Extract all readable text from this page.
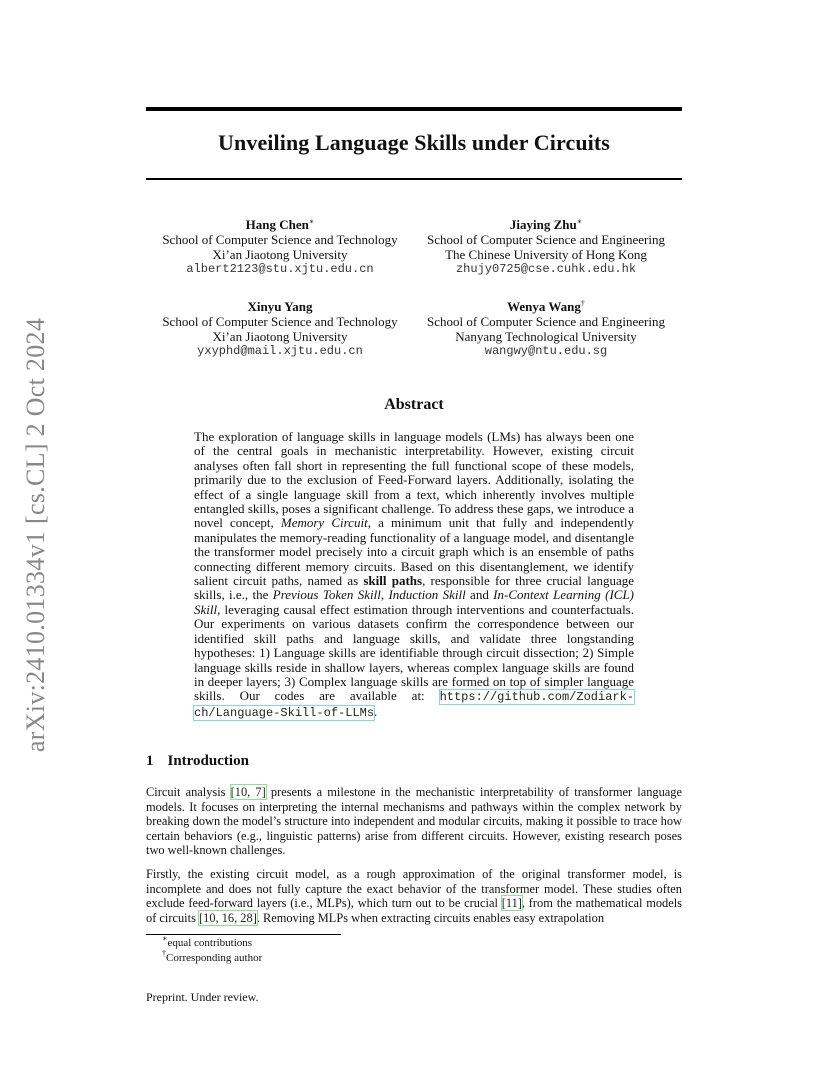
arXiv:2410.01334v1 [cs.CL] 2 Oct 2024
Unveiling Language Skills under Circuits
Hang Chen∗
School of Computer Science and Technology
Xi’an Jiaotong University
albert2123@stu.xjtu.edu.cn
Jiaying Zhu∗
School of Computer Science and Engineering
The Chinese University of Hong Kong
zhujy0725@cse.cuhk.edu.hk
Xinyu Yang
School of Computer Science and Technology
Xi’an Jiaotong University
yxyphd@mail.xjtu.edu.cn
Wenya Wang†
School of Computer Science and Engineering
Nanyang Technological University
wangwy@ntu.edu.sg
Abstract

The exploration of language skills in language models (LMs) has always been one of the central goals in mechanistic interpretability. However, existing circuit analyses often fall short in representing the full functional scope of these models, primarily due to the exclusion of Feed-Forward layers. Additionally, isolating the effect of a single language skill from a text, which inherently involves multiple entangled skills, poses a significant challenge. To address these gaps, we introduce a novel concept, Memory Circuit, a minimum unit that fully and independently manipulates the memory-reading functionality of a language model, and disentangle the transformer model precisely into a circuit graph which is an ensemble of paths connecting different memory circuits. Based on this disentanglement, we identify salient circuit paths, named as skill paths, responsible for three crucial language skills, i.e., the Previous Token Skill, Induction Skill and In-Context Learning (ICL) Skill, leveraging causal effect estimation through interventions and counterfactuals. Our experiments on various datasets confirm the correspondence between our identified skill paths and language skills, and validate three longstanding hypotheses: 1) Language skills are identifiable through circuit dissection; 2) Simple language skills reside in shallow layers, whereas complex language skills are found in deeper layers; 3) Complex language skills are formed on top of simpler language skills. Our codes are available at: https://github.com/Zodiark-ch/Language-Skill-of-LLMs.

1 Introduction

Circuit analysis [10, 7] presents a milestone in the mechanistic interpretability of transformer language models. It focuses on interpreting the internal mechanisms and pathways within the complex network by breaking down the model’s structure into independent and modular circuits, making it possible to trace how certain behaviors (e.g., linguistic patterns) arise from different circuits. However, existing research poses two well-known challenges.

Firstly, the existing circuit model, as a rough approximation of the original transformer model, is incomplete and does not fully capture the exact behavior of the transformer model. These studies often exclude feed-forward layers (i.e., MLPs), which turn out to be crucial [11], from the mathematical models of circuits [10, 16, 28]. Removing MLPs when extracting circuits enables easy extrapolation

∗equal contributions
†Corresponding author
Preprint. Under review.
